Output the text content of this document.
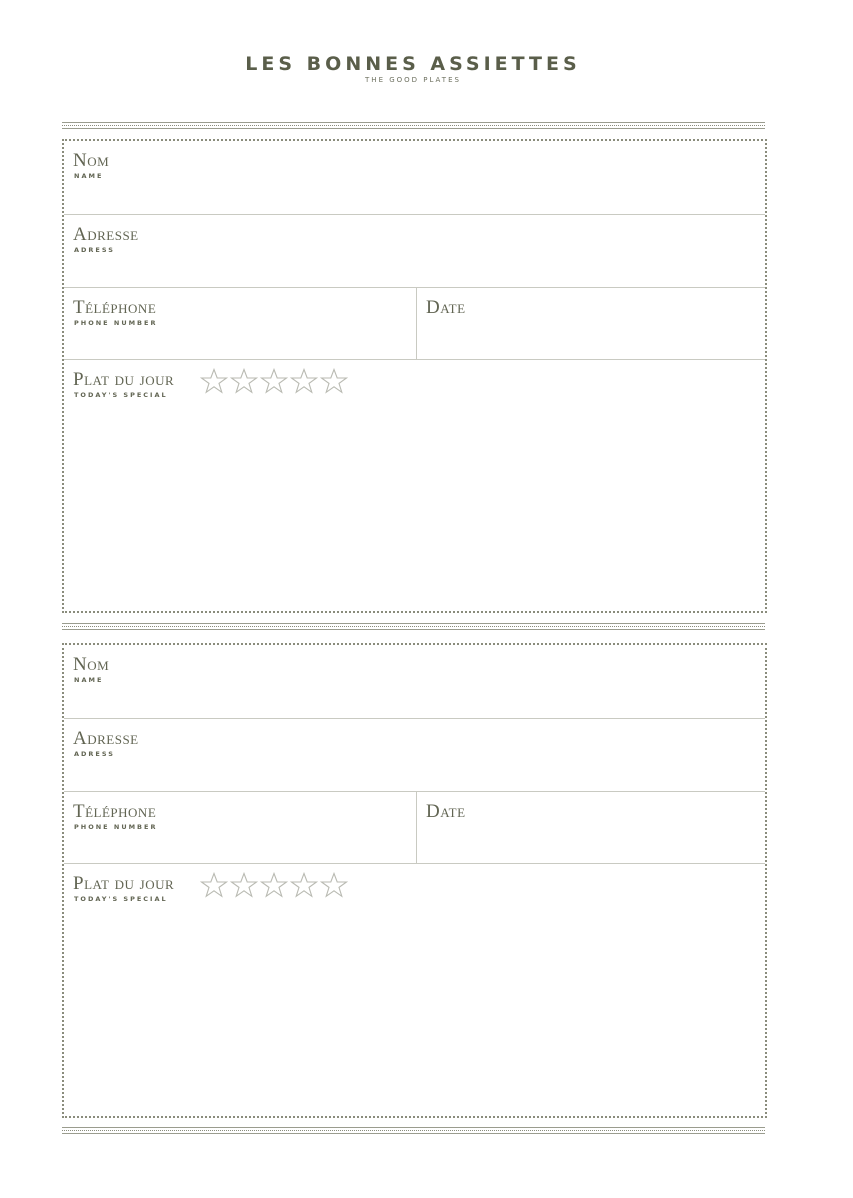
LES BONNES ASSIETTES
THE GOOD PLATES
Nom
NAME
Adresse
ADRESS
Téléphone
PHONE NUMBER
Date
Plat du jour
TODAY'S SPECIAL
Nom
NAME
Adresse
ADRESS
Téléphone
PHONE NUMBER
Date
Plat du jour
TODAY'S SPECIAL
